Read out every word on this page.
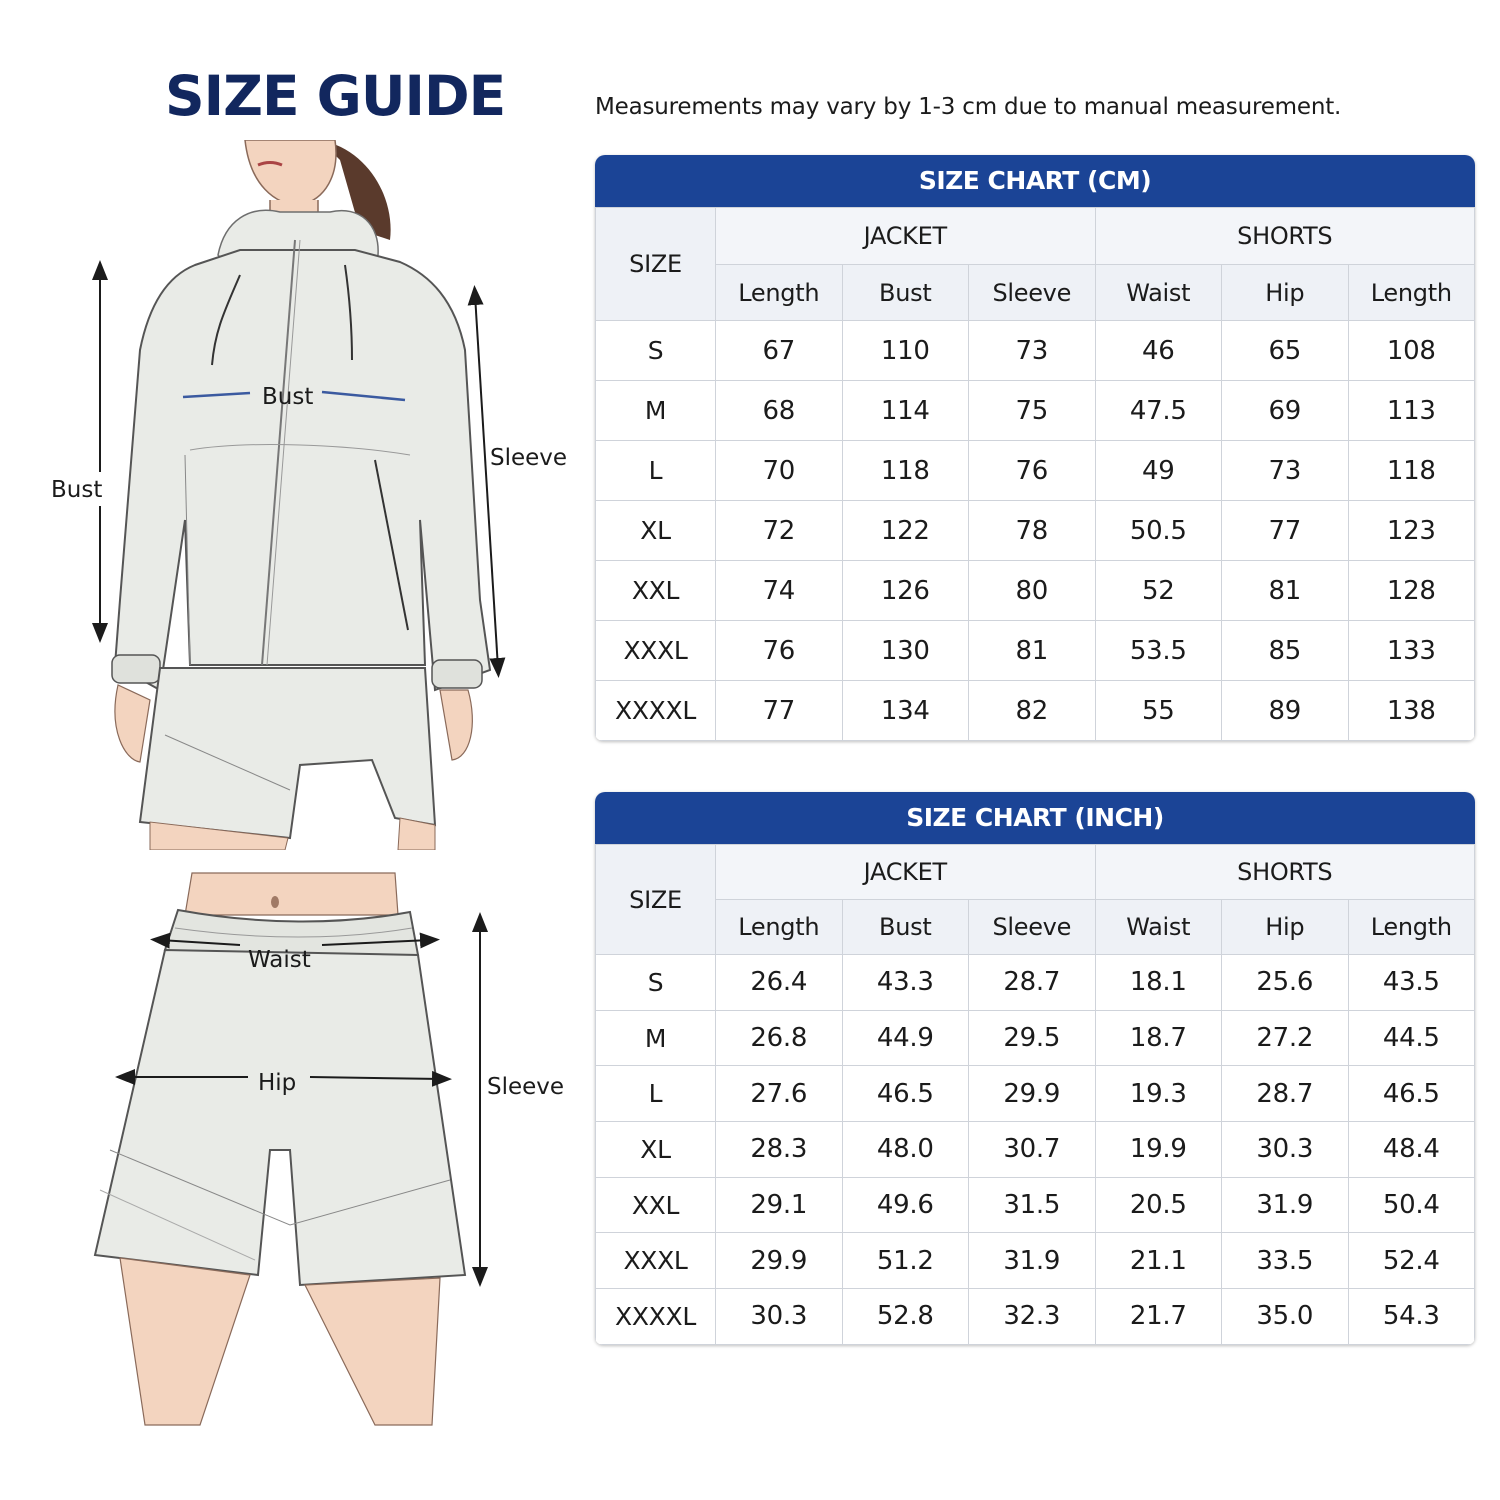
SIZE GUIDE	Measurements may vary by 1-3 cm due to manual measurement.

Bust
Bust
Sleeve
Waist
Hip	Sleeve
SIZE CHART (CM)
SIZE	JACKET			SHORTS		
	Length	Bust	Sleeve	Waist	Hip	Length
S	67	110	73	46	65	108
M	68	114	75	47.5	69	113
L	70	118	76	49	73	118
XL	72	122	78	50.5	77	123
XXL	74	126	80	52	81	128
XXXL	76	130	81	53.5	85	133
XXXXL	77	134	82	55	89	138
SIZE CHART (INCH)
SIZE	JACKET			SHORTS		
	Length	Bust	Sleeve	Waist	Hip	Length
S	26.4	43.3	28.7	18.1	25.6	43.5
M	26.8	44.9	29.5	18.7	27.2	44.5
L	27.6	46.5	29.9	19.3	28.7	46.5
XL	28.3	48.0	30.7	19.9	30.3	48.4
XXL	29.1	49.6	31.5	20.5	31.9	50.4
XXXL	29.9	51.2	31.9	21.1	33.5	52.4
XXXXL	30.3	52.8	32.3	21.7	35.0	54.3
